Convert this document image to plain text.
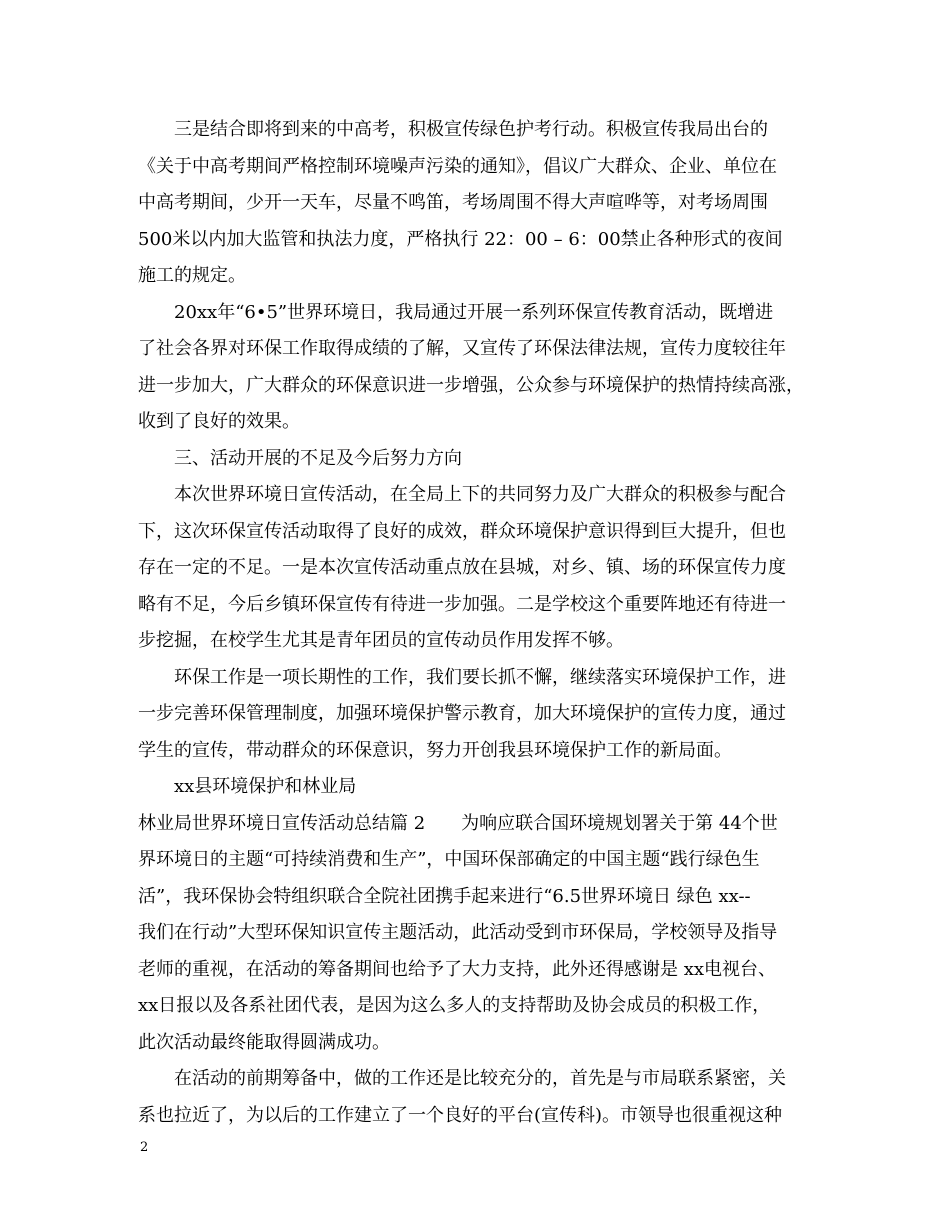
三是结合即将到来的中高考，积极宣传绿色护考行动。积极宣传我局出台的
《关于中高考期间严格控制环境噪声污染的通知》，倡议广大群众、企业、单位在
中高考期间，少开一天车，尽量不鸣笛，考场周围不得大声喧哗等，对考场周围
500米以内加大监管和执法力度，严格执行 22：00 – 6：00禁止各种形式的夜间
施工的规定。
20xx年“6•5”世界环境日，我局通过开展一系列环保宣传教育活动，既增进
了社会各界对环保工作取得成绩的了解，又宣传了环保法律法规，宣传力度较往年
进一步加大，广大群众的环保意识进一步增强，公众参与环境保护的热情持续高涨，
收到了良好的效果。
三、活动开展的不足及今后努力方向
本次世界环境日宣传活动，在全局上下的共同努力及广大群众的积极参与配合
下，这次环保宣传活动取得了良好的成效，群众环境保护意识得到巨大提升，但也
存在一定的不足。一是本次宣传活动重点放在县城，对乡、镇、场的环保宣传力度
略有不足，今后乡镇环保宣传有待进一步加强。二是学校这个重要阵地还有待进一
步挖掘，在校学生尤其是青年团员的宣传动员作用发挥不够。
环保工作是一项长期性的工作，我们要长抓不懈，继续落实环境保护工作，进
一步完善环保管理制度，加强环境保护警示教育，加大环境保护的宣传力度，通过
学生的宣传，带动群众的环保意识，努力开创我县环境保护工作的新局面。
xx县环境保护和林业局
林业局世界环境日宣传活动总结篇 2　　为响应联合国环境规划署关于第 44个世
界环境日的主题“可持续消费和生产”，中国环保部确定的中国主题“践行绿色生
活”，我环保协会特组织联合全院社团携手起来进行“6.5世界环境日 绿色 xx--
我们在行动”大型环保知识宣传主题活动，此活动受到市环保局，学校领导及指导
老师的重视，在活动的筹备期间也给予了大力支持，此外还得感谢是 xx电视台、
xx日报以及各系社团代表，是因为这么多人的支持帮助及协会成员的积极工作，
此次活动最终能取得圆满成功。
在活动的前期筹备中，做的工作还是比较充分的，首先是与市局联系紧密，关
系也拉近了，为以后的工作建立了一个良好的平台(宣传科)。市领导也很重视这种
2
